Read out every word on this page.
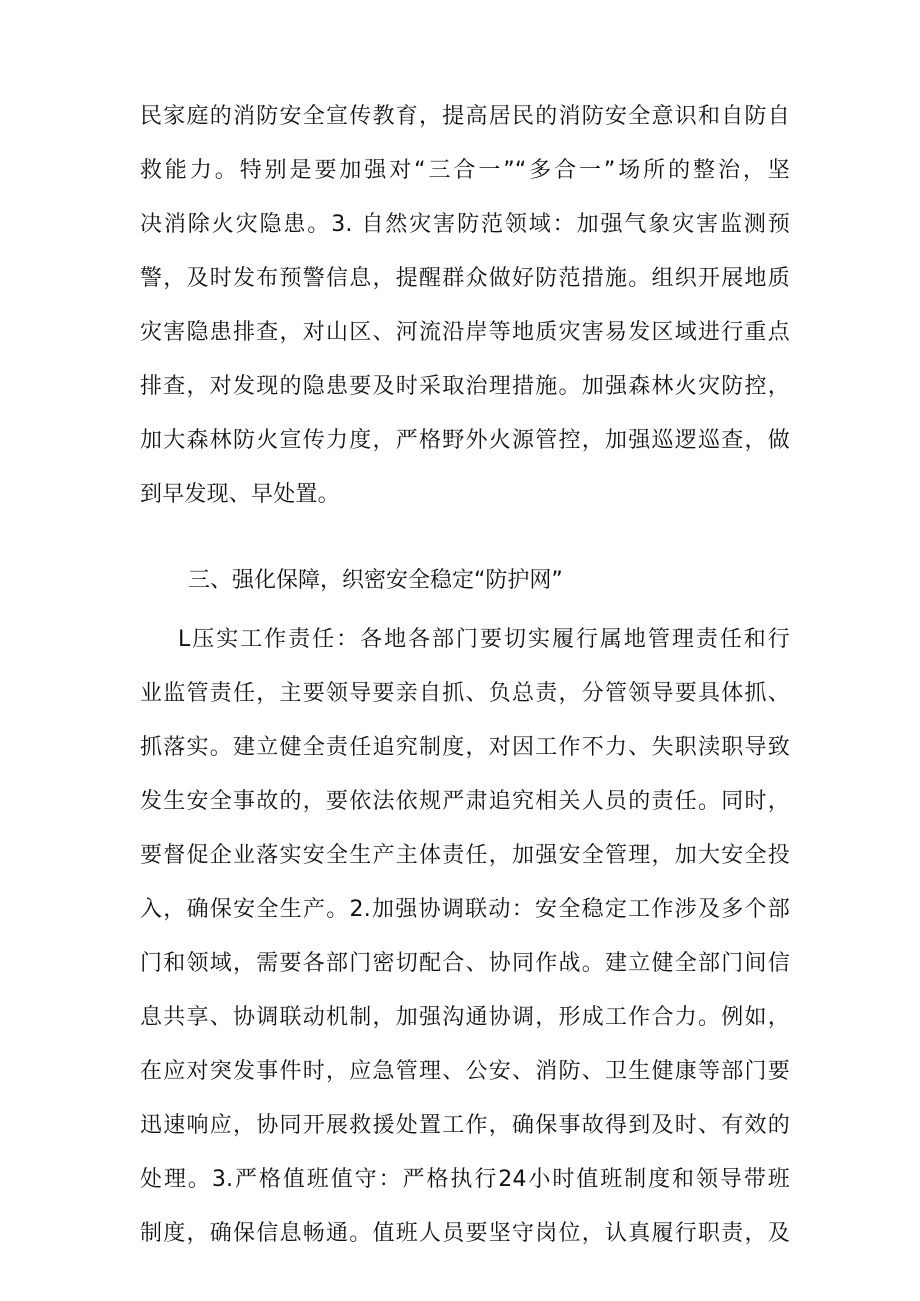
民家庭的消防安全宣传教育，提高居民的消防安全意识和自防自
救能力。特别是要加强对“三合一”“多合一”场所的整治，坚
决消除火灾隐患。3. 自然灾害防范领域：加强气象灾害监测预
警，及时发布预警信息，提醒群众做好防范措施。组织开展地质
灾害隐患排查，对山区、河流沿岸等地质灾害易发区域进行重点
排查，对发现的隐患要及时采取治理措施。加强森林火灾防控，
加大森林防火宣传力度，严格野外火源管控，加强巡逻巡查，做
到早发现、早处置。
三、强化保障，织密安全稳定“防护网”
L压实工作责任：各地各部门要切实履行属地管理责任和行
业监管责任，主要领导要亲自抓、负总责，分管领导要具体抓、
抓落实。建立健全责任追究制度，对因工作不力、失职渎职导致
发生安全事故的，要依法依规严肃追究相关人员的责任。同时，
要督促企业落实安全生产主体责任，加强安全管理，加大安全投
入，确保安全生产。2.加强协调联动：安全稳定工作涉及多个部
门和领域，需要各部门密切配合、协同作战。建立健全部门间信
息共享、协调联动机制，加强沟通协调，形成工作合力。例如，
在应对突发事件时，应急管理、公安、消防、卫生健康等部门要
迅速响应，协同开展救援处置工作，确保事故得到及时、有效的
处理。3.严格值班值守：严格执行24小时值班制度和领导带班
制度，确保信息畅通。值班人员要坚守岗位，认真履行职责，及
